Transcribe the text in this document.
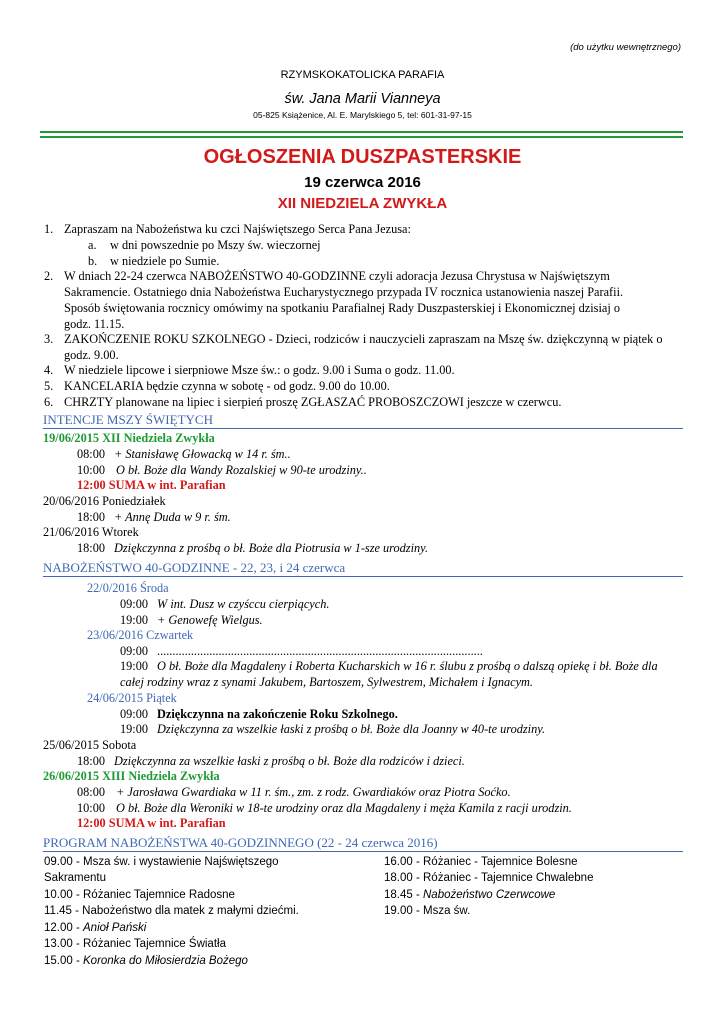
(do użytku wewnętrznego)
RZYMSKOKATOLICKA PARAFIA
św. Jana Marii Vianneya
05-825 Książenice, Al. E. Marylskiego 5, tel: 601-31-97-15
OGŁOSZENIA DUSZPASTERSKIE
19 czerwca 2016
XII NIEDZIELA ZWYKŁA
1. Zapraszam na Nabożeństwa ku czci Najświętszego Serca Pana Jezusa:
a. w dni powszednie po Mszy św. wieczornej
b. w niedziele po Sumie.
2. W dniach 22-24 czerwca NABOŻEŃSTWO 40-GODZINNE czyli adoracja Jezusa Chrystusa w Najświętszym
Sakramencie. Ostatniego dnia Nabożeństwa Eucharystycznego przypada IV rocznica ustanowienia naszej Parafii.
Sposób świętowania rocznicy omówimy na spotkaniu Parafialnej Rady Duszpasterskiej i Ekonomicznej dzisiaj o
godz. 11.15.
3. ZAKOŃCZENIE ROKU SZKOLNEGO - Dzieci, rodziców i nauczycieli zapraszam na Mszę św. dziękczynną w piątek o
godz. 9.00.
4. W niedziele lipcowe i sierpniowe Msze św.: o godz. 9.00 i Suma o godz. 11.00.
5. KANCELARIA będzie czynna w sobotę - od godz. 9.00 do 10.00.
6. CHRZTY planowane na lipiec i sierpień proszę ZGŁASZAĆ PROBOSZCZOWI jeszcze w czerwcu.
INTENCJE MSZY ŚWIĘTYCH
19/06/2015 XII Niedziela Zwykła
08:00 + Stanisławę Głowacką w 14 r. śm..
10:00 O bł. Boże dla Wandy Rozalskiej w 90-te urodziny..
12:00 SUMA w int. Parafian
20/06/2016 Poniedziałek
18:00 + Annę Duda w 9 r. śm.
21/06/2016 Wtorek
18:00 Dziękczynna z prośbą o bł. Boże dla Piotrusia w 1-sze urodziny.
NABOŻEŃSTWO 40-GODZINNE - 22, 23, i 24 czerwca
22/0/2016 Środa
09:00 W int. Dusz w czyśccu cierpiących.
19:00 + Genowefę Wielgus.
23/06/2016 Czwartek
09:00 ..........................................................................................................
19:00 O bł. Boże dla Magdaleny i Roberta Kucharskich w 16 r. ślubu z prośbą o dalszą opiekę i bł. Boże dla
całej rodziny wraz z synami Jakubem, Bartoszem, Sylwestrem, Michałem i Ignacym.
24/06/2015 Piątek
09:00 Dziękczynna na zakończenie Roku Szkolnego.
19:00 Dziękczynna za wszelkie łaski z prośbą o bł. Boże dla Joanny w 40-te urodziny.
25/06/2015 Sobota
18:00 Dziękczynna za wszelkie łaski z prośbą o bł. Boże dla rodziców i dzieci.
26/06/2015 XIII Niedziela Zwykła
08:00 + Jarosława Gwardiaka w 11 r. śm., zm. z rodz. Gwardiaków oraz Piotra Soćko.
10:00 O bł. Boże dla Weroniki w 18-te urodziny oraz dla Magdaleny i męża Kamila z racji urodzin.
12:00 SUMA w int. Parafian
PROGRAM NABOŻEŃSTWA 40-GODZINNEGO (22 - 24 czerwca 2016)
09.00 - Msza św. i wystawienie Najświętszego
Sakramentu
10.00 - Różaniec Tajemnice Radosne
11.45 - Nabożeństwo dla matek z małymi dziećmi.
12.00 - Anioł Pański
13.00 - Różaniec Tajemnice Światła
15.00 - Koronka do Miłosierdzia Bożego
16.00 - Różaniec - Tajemnice Bolesne
18.00 - Różaniec - Tajemnice Chwalebne
18.45 - Nabożeństwo Czerwcowe
19.00 - Msza św.
